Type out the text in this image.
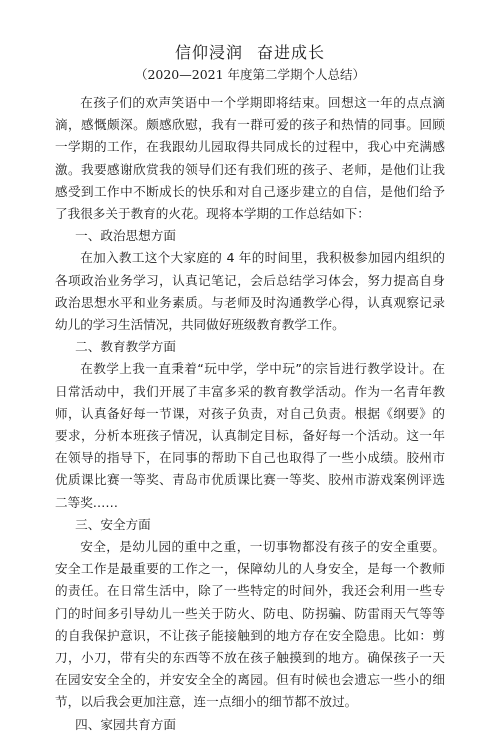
信仰浸润 奋进成长
（2020—2021 年度第二学期个人总结）

在孩子们的欢声笑语中一个学期即将结束。回想这一年的点点滴滴，感慨颇深。颇感欣慰，我有一群可爱的孩子和热情的同事。回顾一学期的工作，在我跟幼儿园取得共同成长的过程中，我心中充满感激。我要感谢欣赏我的领导们还有我们班的孩子、老师，是他们让我感受到工作中不断成长的快乐和对自己逐步建立的自信，是他们给予了我很多关于教育的火花。现将本学期的工作总结如下：

一、政治思想方面

在加入教工这个大家庭的 4 年的时间里，我积极参加园内组织的各项政治业务学习，认真记笔记，会后总结学习体会，努力提高自身政治思想水平和业务素质。与老师及时沟通教学心得，认真观察记录幼儿的学习生活情况，共同做好班级教育教学工作。

二、教育教学方面

在教学上我一直秉着“玩中学，学中玩”的宗旨进行教学设计。在日常活动中，我们开展了丰富多采的教育教学活动。作为一名青年教师，认真备好每一节课，对孩子负责，对自己负责。根据《纲要》的要求，分析本班孩子情况，认真制定目标，备好每一个活动。这一年在领导的指导下，在同事的帮助下自己也取得了一些小成绩。胶州市优质课比赛一等奖、青岛市优质课比赛一等奖、胶州市游戏案例评选二等奖……

三、安全方面

安全，是幼儿园的重中之重，一切事物都没有孩子的安全重要。安全工作是最重要的工作之一，保障幼儿的人身安全，是每一个教师的责任。在日常生活中，除了一些特定的时间外，我还会利用一些专门的时间多引导幼儿一些关于防火、防电、防拐骗、防雷雨天气等等的自我保护意识，不让孩子能接触到的地方存在安全隐患。比如：剪刀，小刀，带有尖的东西等不放在孩子触摸到的地方。确保孩子一天在园安安全全的，并安安全全的离园。但有时候也会遗忘一些小的细节，以后我会更加注意，连一点细小的细节都不放过。

四、家园共育方面
